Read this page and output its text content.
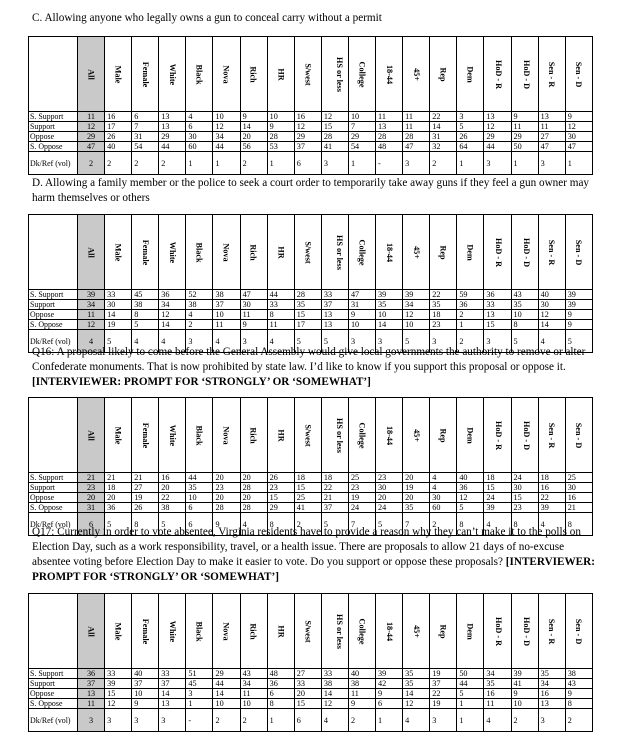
C. Allowing anyone who legally owns a gun to conceal carry without a permit
	All	Male	Female	White	Black	Nova	Rich	HR	S/west	HS or less	College	18-44	45+	Rep	Dem	HoD - R	HoD - D	Sen - R	Sen - D
S. Support	11	16	6	13	4	10	9	10	16	12	10	11	11	22	3	13	9	13	9
Support	12	17	7	13	6	12	14	9	12	15	7	13	11	14	5	12	11	11	12
Oppose	29	26	31	29	30	34	20	28	29	28	29	28	28	31	26	29	29	27	30
S. Oppose	47	40	54	44	60	44	56	53	37	41	54	48	47	32	64	44	50	47	47
Dk/Ref (vol)	2	2	2	2	1	1	2	1	6	3	1	-	3	2	1	3	1	3	1
D. Allowing a family member or the police to seek a court order to temporarily take away guns if they feel a gun owner may harm themselves or others
	All	Male	Female	White	Black	Nova	Rich	HR	S/west	HS or less	College	18-44	45+	Rep	Dem	HoD - R	HoD - D	Sen - R	Sen - D
S. Support	39	33	45	36	52	38	47	44	28	33	47	39	39	22	59	36	43	40	39
Support	34	30	38	34	38	37	30	33	35	37	31	35	34	35	36	33	35	30	39
Oppose	11	14	8	12	4	10	11	8	15	13	9	10	12	18	2	13	10	12	9
S. Oppose	12	19	5	14	2	11	9	11	17	13	10	14	10	23	1	15	8	14	9
Dk/Ref (vol)	4	5	4	4	3	4	3	4	5	5	3	3	5	3	2	3	5	4	5
Q16: A proposal likely to come before the General Assembly would give local governments the authority to remove or alter Confederate monuments. That is now prohibited by state law. I’d like to know if you support this proposal or oppose it. [INTERVIEWER: PROMPT FOR ‘STRONGLY’ OR ‘SOMEWHAT’]
	All	Male	Female	White	Black	Nova	Rich	HR	S/west	HS or less	College	18-44	45+	Rep	Dem	HoD - R	HoD - D	Sen - R	Sen - D
S. Support	21	21	21	16	44	20	20	26	18	18	25	23	20	4	40	18	24	18	25
Support	23	18	27	20	35	23	28	23	15	22	23	30	19	4	36	15	30	16	30
Oppose	20	20	19	22	10	20	20	15	25	21	19	20	20	30	12	24	15	22	16
S. Oppose	31	36	26	38	6	28	28	29	41	37	24	24	35	60	5	39	23	39	21
Dk/Ref (vol)	6	5	8	5	6	9	4	8	2	5	7	5	7	2	8	4	8	4	8
Q17: Currently in order to vote absentee, Virginia residents have to provide a reason why they can’t make it to the polls on Election Day, such as a work responsibility, travel, or a health issue. There are proposals to allow 21 days of no-excuse absentee voting before Election Day to make it easier to vote. Do you support or oppose these proposals? [INTERVIEWER: PROMPT FOR ‘STRONGLY’ OR ‘SOMEWHAT’]
	All	Male	Female	White	Black	Nova	Rich	HR	S/west	HS or less	College	18-44	45+	Rep	Dem	HoD - R	HoD - D	Sen - R	Sen - D
S. Support	36	33	40	33	51	29	43	48	27	33	40	39	35	19	50	34	39	35	38
Support	37	39	37	37	45	44	34	36	33	38	38	42	35	37	44	35	41	34	43
Oppose	13	15	10	14	3	14	11	6	20	14	11	9	14	22	5	16	9	16	9
S. Oppose	11	12	9	13	1	10	10	8	15	12	9	6	12	19	1	11	10	13	8
Dk/Ref (vol)	3	3	3	3	-	2	2	1	6	4	2	1	4	3	1	4	2	3	2
